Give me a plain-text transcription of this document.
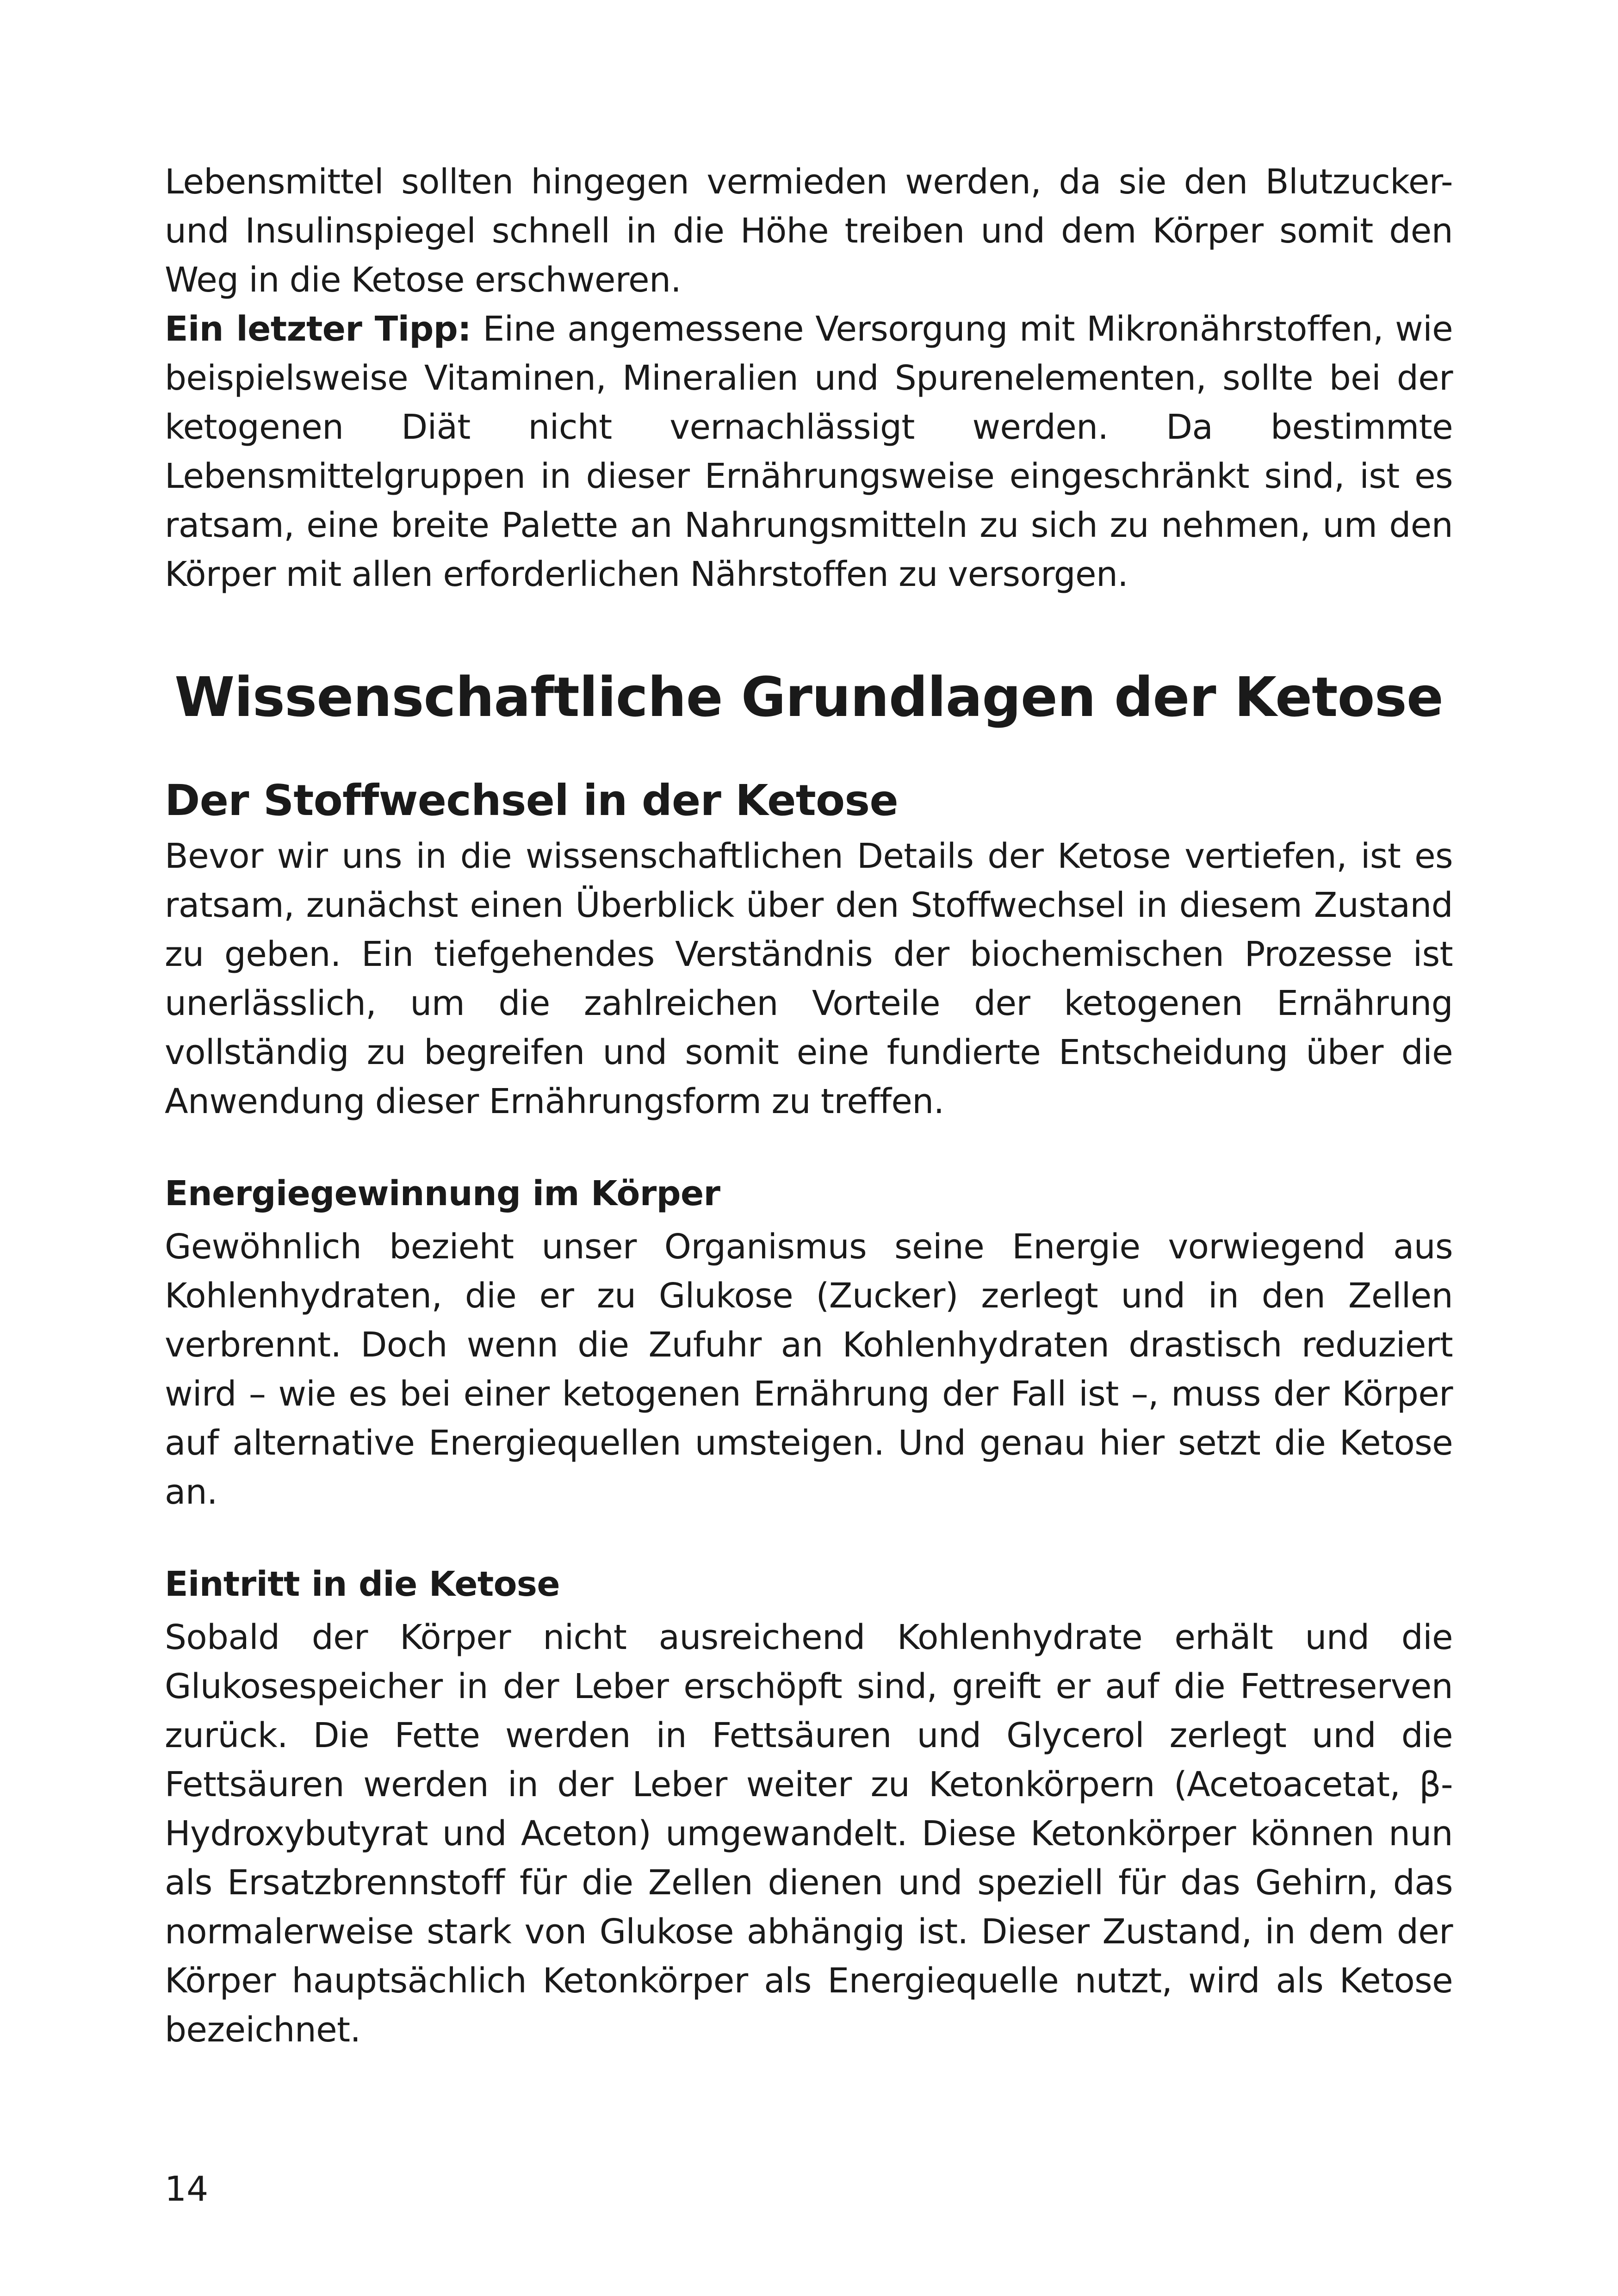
Lebensmittel sollten hingegen vermieden werden, da sie den Blutzucker- und Insulinspiegel schnell in die Höhe treiben und dem Körper somit den Weg in die Ketose erschweren.

Ein letzter Tipp: Eine angemessene Versorgung mit Mikronährstoffen, wie beispielsweise Vitaminen, Mineralien und Spurenelementen, sollte bei der ketogenen Diät nicht vernachlässigt werden. Da bestimmte Lebensmittelgruppen in dieser Ernährungsweise eingeschränkt sind, ist es ratsam, eine breite Palette an Nahrungsmitteln zu sich zu nehmen, um den Körper mit allen erforderlichen Nährstoffen zu versorgen.

Wissenschaftliche Grundlagen der Ketose
Der Stoffwechsel in der Ketose

Bevor wir uns in die wissenschaftlichen Details der Ketose vertiefen, ist es ratsam, zunächst einen Überblick über den Stoffwechsel in diesem Zustand zu geben. Ein tiefgehendes Verständnis der biochemischen Prozesse ist unerlässlich, um die zahlreichen Vorteile der ketogenen Ernährung vollständig zu begreifen und somit eine fundierte Entscheidung über die Anwendung dieser Ernährungsform zu treffen.

Energiegewinnung im Körper

Gewöhnlich bezieht unser Organismus seine Energie vorwiegend aus Kohlenhydraten, die er zu Glukose (Zucker) zerlegt und in den Zellen verbrennt. Doch wenn die Zufuhr an Kohlenhydraten drastisch reduziert wird – wie es bei einer ketogenen Ernährung der Fall ist –, muss der Körper auf alternative Energiequellen umsteigen. Und genau hier setzt die Ketose an.

Eintritt in die Ketose

Sobald der Körper nicht ausreichend Kohlenhydrate erhält und die Glukosespeicher in der Leber erschöpft sind, greift er auf die Fettreserven zurück. Die Fette werden in Fettsäuren und Glycerol zerlegt und die Fettsäuren werden in der Leber weiter zu Ketonkörpern (Acetoacetat, β-Hydroxybutyrat und Aceton) umgewandelt. Diese Ketonkörper können nun als Ersatzbrennstoff für die Zellen dienen und speziell für das Gehirn, das normalerweise stark von Glukose abhängig ist. Dieser Zustand, in dem der Körper hauptsächlich Ketonkörper als Energiequelle nutzt, wird als Ketose bezeichnet.

14
